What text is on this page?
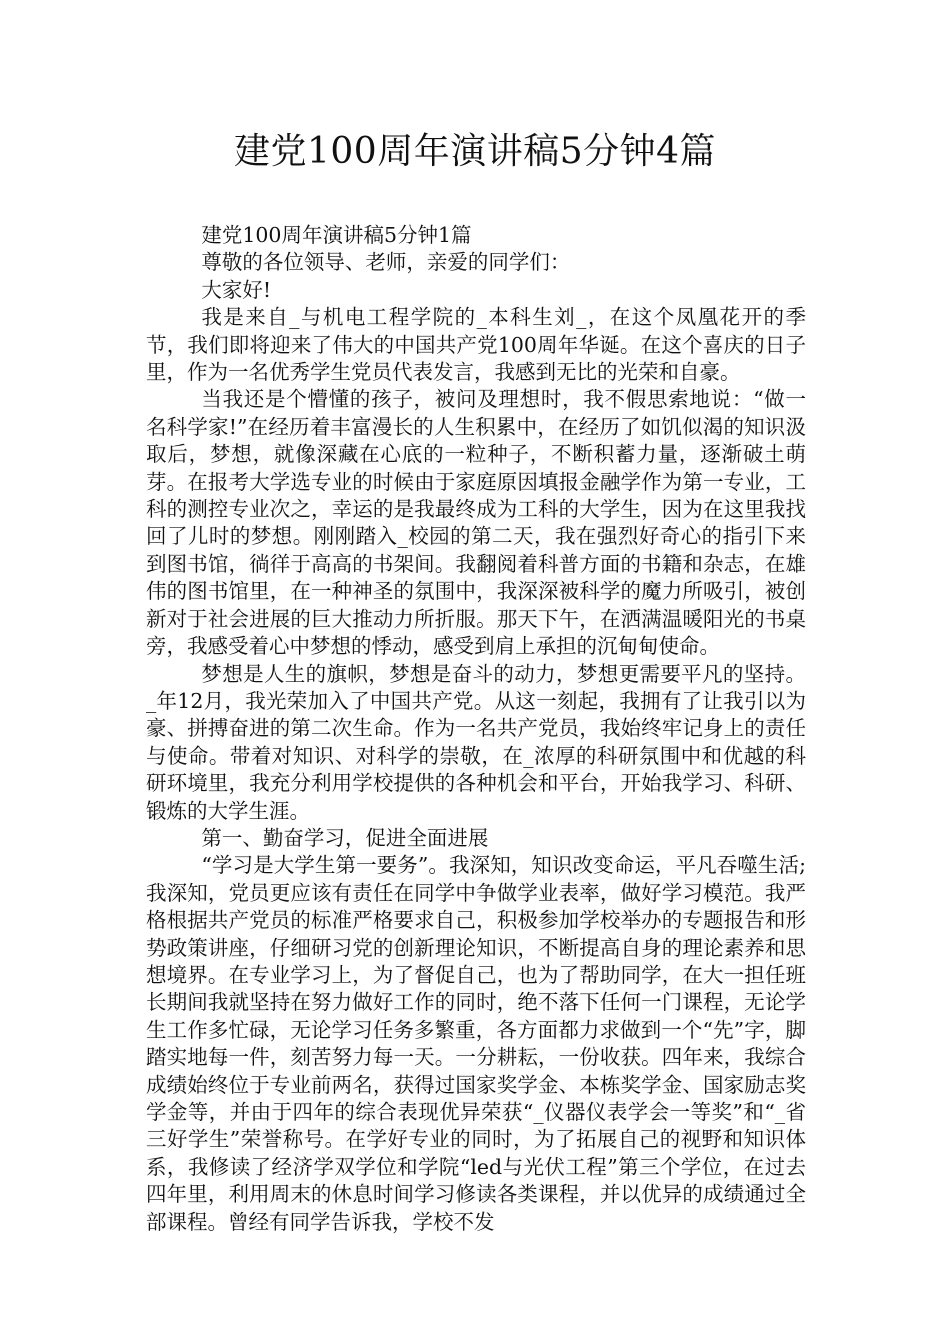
建党100周年演讲稿5分钟4篇

建党100周年演讲稿5分钟1篇

尊敬的各位领导、老师，亲爱的同学们：

大家好!

我是来自_与机电工程学院的_本科生刘_，在这个凤凰花开的季节，我们即将迎来了伟大的中国共产党100周年华诞。在这个喜庆的日子里，作为一名优秀学生党员代表发言，我感到无比的光荣和自豪。

当我还是个懵懂的孩子，被问及理想时，我不假思索地说：“做一名科学家!”在经历着丰富漫长的人生积累中，在经历了如饥似渴的知识汲取后，梦想，就像深藏在心底的一粒种子，不断积蓄力量，逐渐破土萌芽。在报考大学选专业的时候由于家庭原因填报金融学作为第一专业，工科的测控专业次之，幸运的是我最终成为工科的大学生，因为在这里我找回了儿时的梦想。刚刚踏入_校园的第二天，我在强烈好奇心的指引下来到图书馆，徜徉于高高的书架间。我翻阅着科普方面的书籍和杂志，在雄伟的图书馆里，在一种神圣的氛围中，我深深被科学的魔力所吸引，被创新对于社会进展的巨大推动力所折服。那天下午，在洒满温暖阳光的书桌旁，我感受着心中梦想的悸动，感受到肩上承担的沉甸甸使命。

梦想是人生的旗帜，梦想是奋斗的动力，梦想更需要平凡的坚持。_年12月，我光荣加入了中国共产党。从这一刻起，我拥有了让我引以为豪、拼搏奋进的第二次生命。作为一名共产党员，我始终牢记身上的责任与使命。带着对知识、对科学的崇敬，在_浓厚的科研氛围中和优越的科研环境里，我充分利用学校提供的各种机会和平台，开始我学习、科研、锻炼的大学生涯。

第一、勤奋学习，促进全面进展

“学习是大学生第一要务”。我深知，知识改变命运，平凡吞噬生活;我深知，党员更应该有责任在同学中争做学业表率，做好学习模范。我严格根据共产党员的标准严格要求自己，积极参加学校举办的专题报告和形势政策讲座，仔细研习党的创新理论知识，不断提高自身的理论素养和思想境界。在专业学习上，为了督促自己，也为了帮助同学，在大一担任班长期间我就坚持在努力做好工作的同时，绝不落下任何一门课程，无论学生工作多忙碌，无论学习任务多繁重，各方面都力求做到一个“先”字，脚踏实地每一件，刻苦努力每一天。一分耕耘，一份收获。四年来，我综合成绩始终位于专业前两名，获得过国家奖学金、本栋奖学金、国家励志奖学金等，并由于四年的综合表现优异荣获“_仪器仪表学会一等奖”和“_省三好学生”荣誉称号。在学好专业的同时，为了拓展自己的视野和知识体系，我修读了经济学双学位和学院“led与光伏工程”第三个学位，在过去四年里，利用周末的休息时间学习修读各类课程，并以优异的成绩通过全部课程。曾经有同学告诉我，学校不发
